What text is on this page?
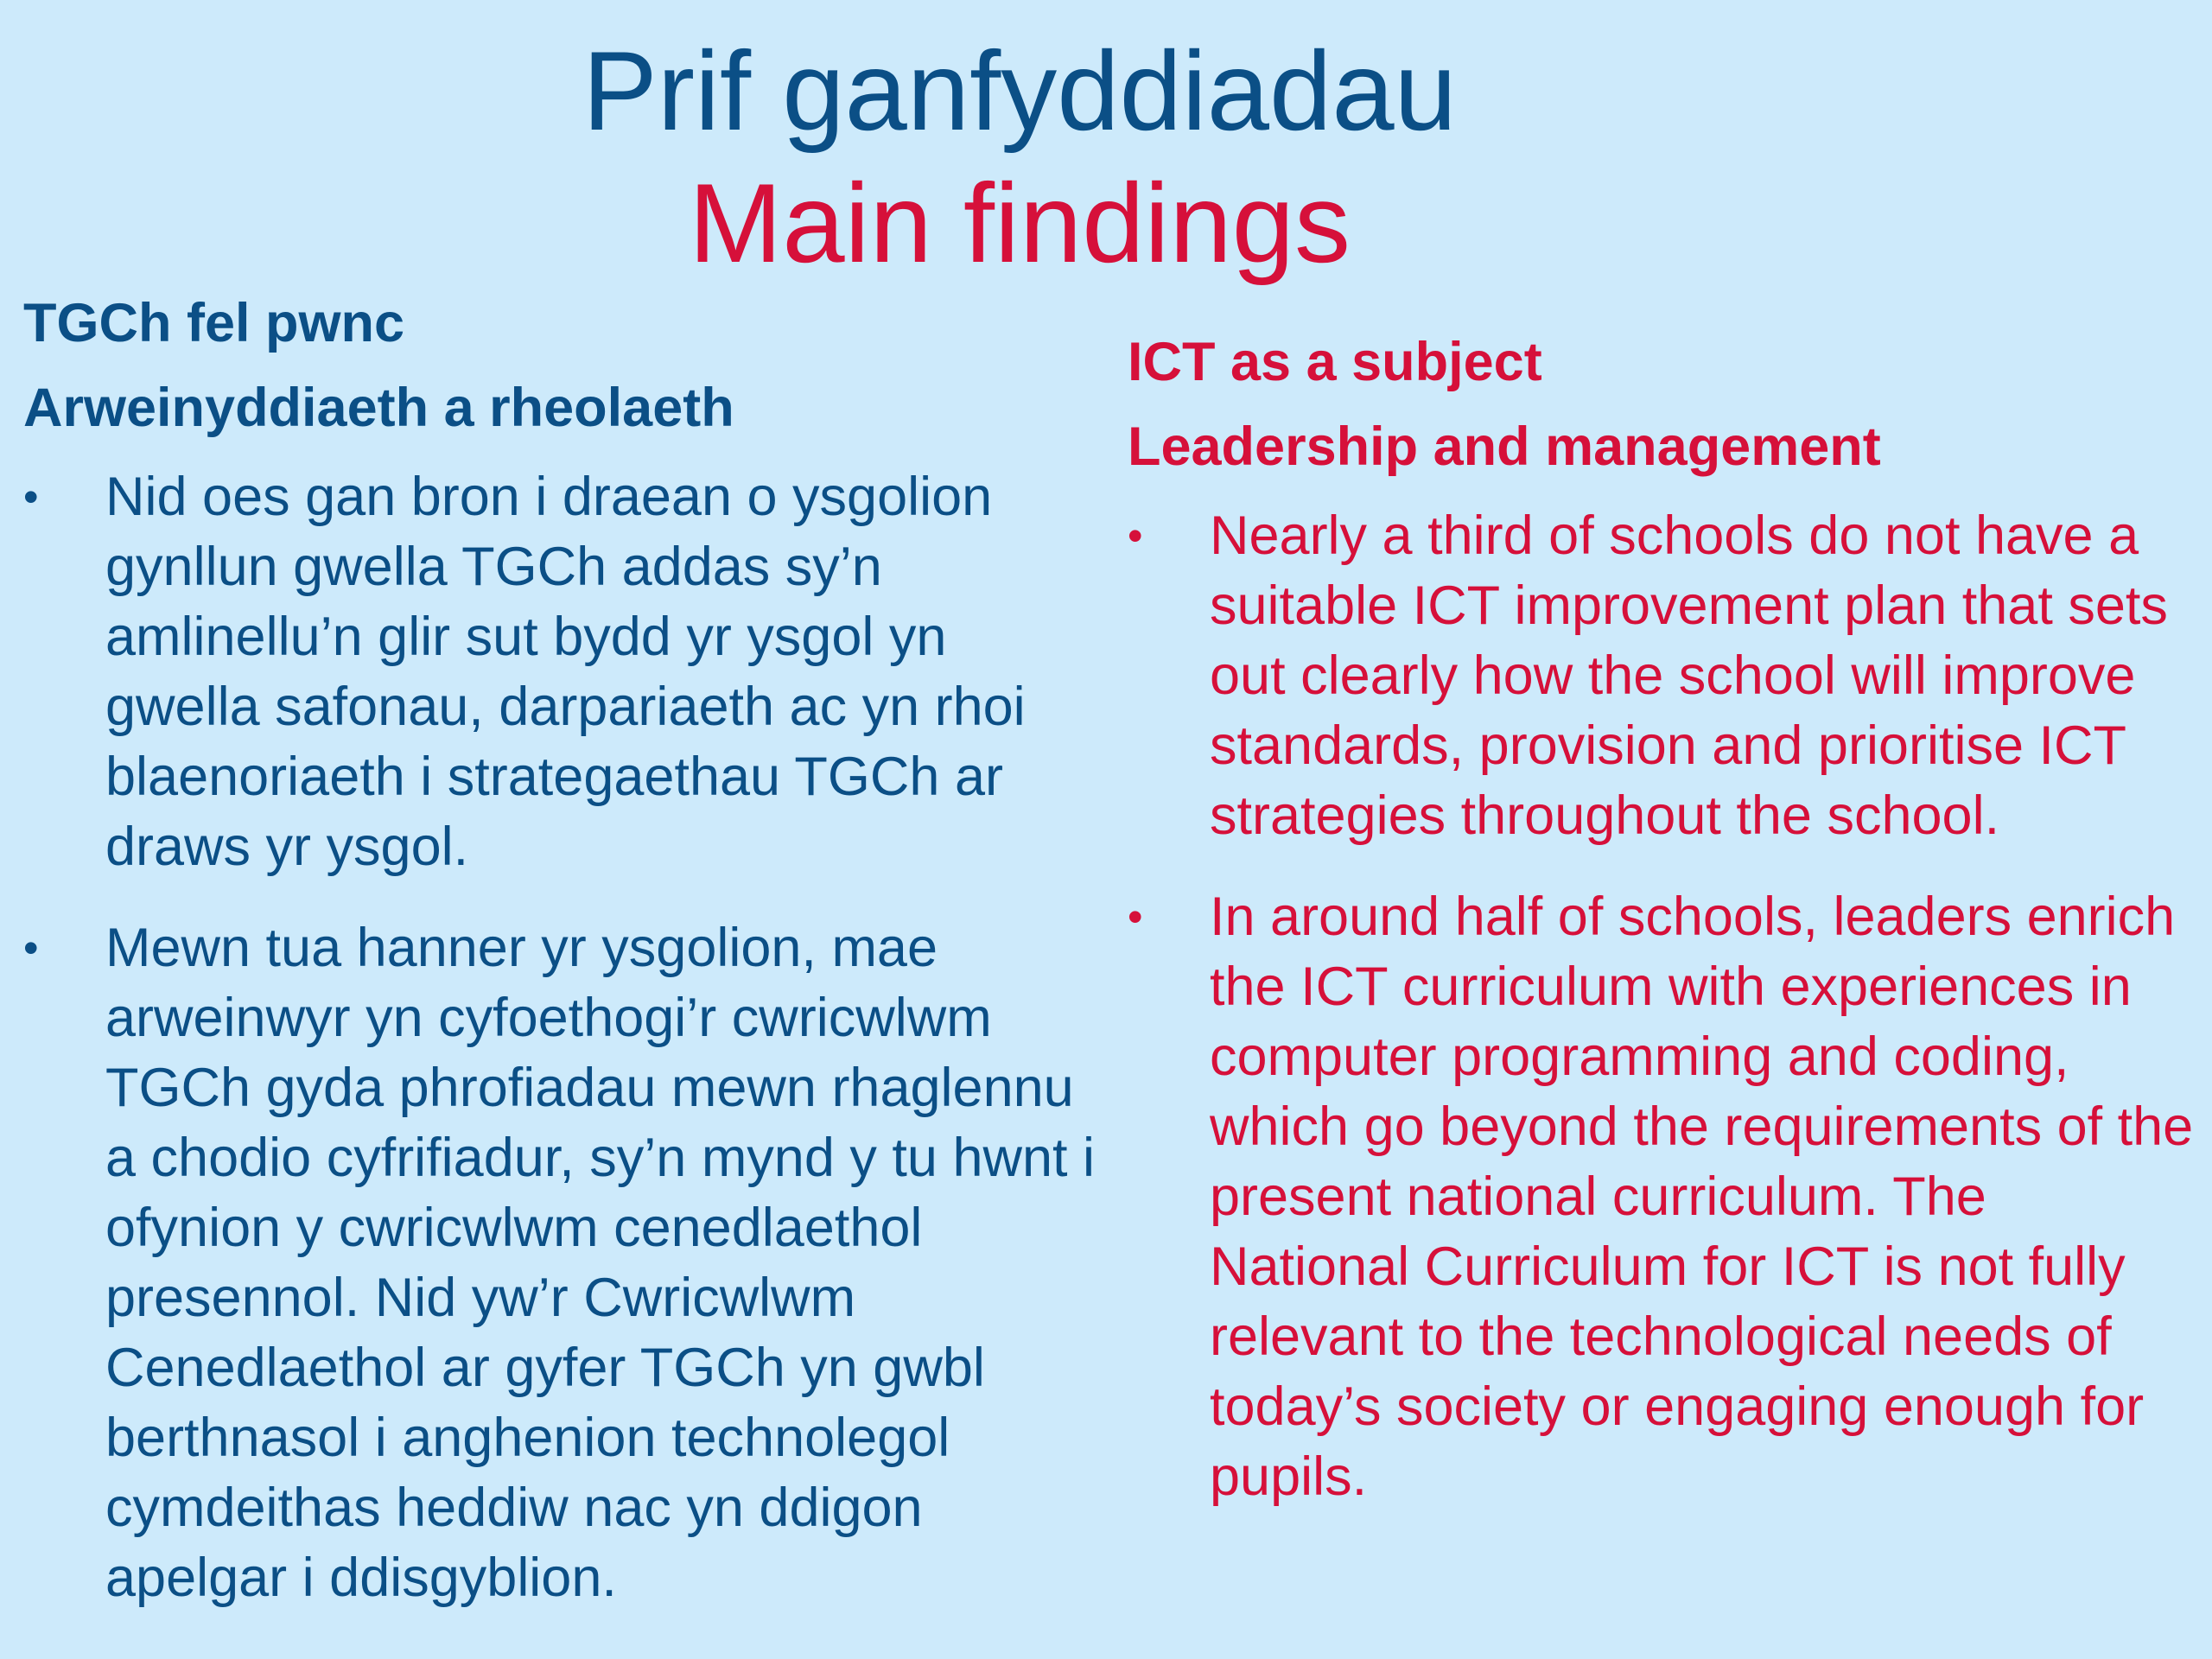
Prif ganfyddiadau
Main findings

TGCh fel pwnc

Arweinyddiaeth a rheolaeth

• Nid oes gan bron i draean o ysgolion gynllun gwella TGCh addas sy’n amlinellu’n glir sut bydd yr ysgol yn gwella safonau, darpariaeth ac yn rhoi blaenoriaeth i strategaethau TGCh ar draws yr ysgol.
• Mewn tua hanner yr ysgolion, mae arweinwyr yn cyfoethogi’r cwricwlwm TGCh gyda phrofiadau mewn rhaglennu a chodio cyfrifiadur, sy’n mynd y tu hwnt i ofynion y cwricwlwm cenedlaethol presennol. Nid yw’r Cwricwlwm Cenedlaethol ar gyfer TGCh yn gwbl berthnasol i anghenion technolegol cymdeithas heddiw nac yn ddigon apelgar i ddisgyblion.

ICT as a subject

Leadership and management

• Nearly a third of schools do not have a suitable ICT improvement plan that sets out clearly how the school will improve standards, provision and prioritise ICT strategies throughout the school.
• In around half of schools, leaders enrich the ICT curriculum with experiences in computer programming and coding, which go beyond the requirements of the present national curriculum. The National Curriculum for ICT is not fully relevant to the technological needs of today’s society or engaging enough for pupils.
